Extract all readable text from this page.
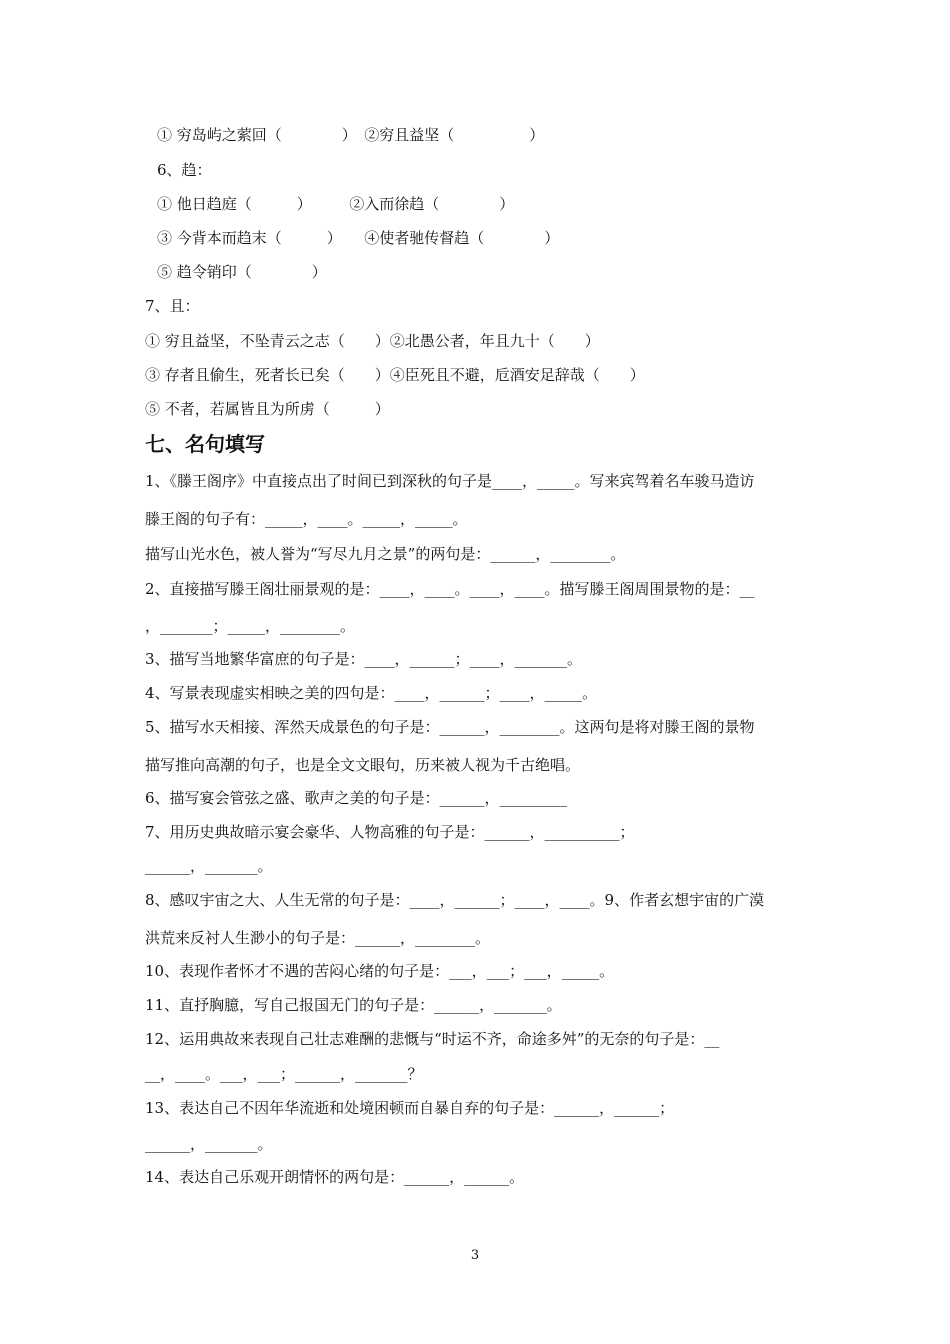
① 穷岛屿之萦回（　　　　）　②穷且益坚（　　　　　）
6、趋：
① 他日趋庭（　　　）　　　②入而徐趋（　　　　）
③ 今背本而趋末（　　　）　　④使者驰传督趋（　　　　）
⑤ 趋令销印（　　　　）
7、且：
① 穷且益坚，不坠青云之志（　　）②北愚公者，年且九十（　　）
③ 存者且偷生，死者长已矣（　　）④臣死且不避，卮酒安足辞哉（　　）
⑤ 不者，若属皆且为所虏（　　　）
七、名句填写
1、《滕王阁序》中直接点出了时间已到深秋的句子是____，_____。写来宾驾着名车骏马造访
滕王阁的句子有：_____，____。_____，_____。
描写山光水色，被人誉为“写尽九月之景”的两句是：______，________。
2、直接描写滕王阁壮丽景观的是：____，____。____，____。描写滕王阁周围景物的是：__
，_______；_____，________。
3、描写当地繁华富庶的句子是：____，______；____，_______。
4、写景表现虚实相映之美的四句是：____，______；____，_____。
5、描写水天相接、浑然天成景色的句子是：______，________。这两句是将对滕王阁的景物
描写推向高潮的句子，也是全文文眼句，历来被人视为千古绝唱。
6、描写宴会管弦之盛、歌声之美的句子是：______，_________
7、用历史典故暗示宴会豪华、人物高雅的句子是：______，__________；
______，_______。
8、感叹宇宙之大、人生无常的句子是：____，______；____，____。9、作者玄想宇宙的广漠
洪荒来反衬人生渺小的句子是：______，________。
10、表现作者怀才不遇的苦闷心绪的句子是：___，___；___，_____。
11、直抒胸臆，写自己报国无门的句子是：______，_______。
12、运用典故来表现自己壮志难酬的悲慨与“时运不齐，命途多舛”的无奈的句子是：__
__，____。___，___；______，_______？
13、表达自己不因年华流逝和处境困顿而自暴自弃的句子是：______，______；
______，_______。
14、表达自己乐观开朗情怀的两句是：______，______。
3
